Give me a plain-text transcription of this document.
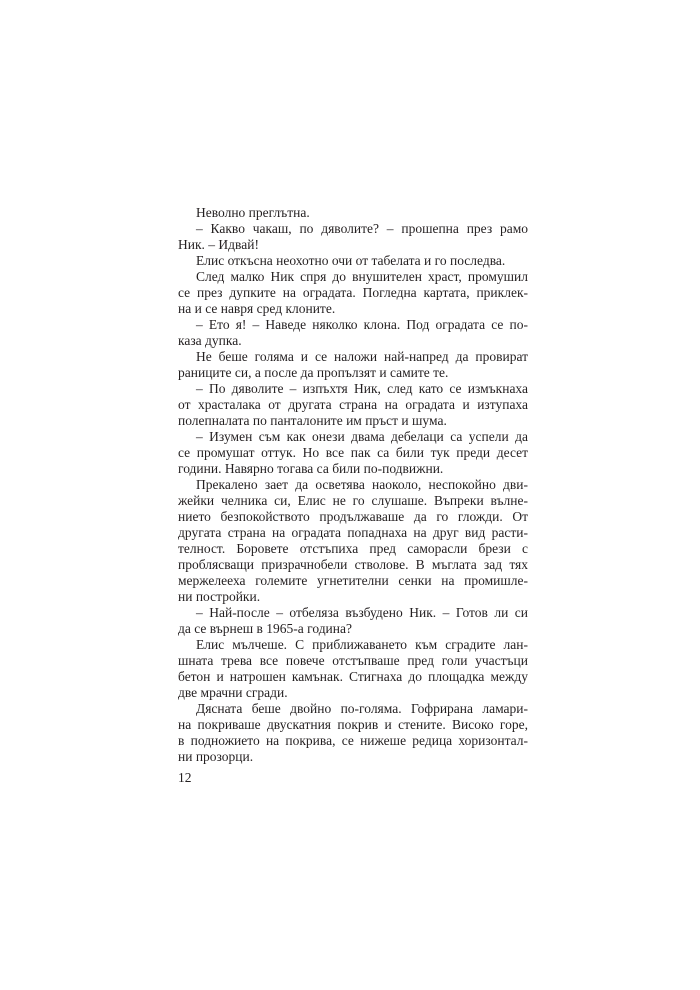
Неволно преглътна.
– Какво чакаш, по дяволите? – прошепна през рамо
Ник. – Идвай!
Елис откъсна неохотно очи от табелата и го последва.
След малко Ник спря до внушителен храст, промушил
се през дупките на оградата. Погледна картата, приклек-
на и се навря сред клоните.
– Ето я! – Наведе няколко клона. Под оградата се по-
каза дупка.
Не беше голяма и се наложи най-напред да провират
раниците си, а после да пропълзят и самите те.
– По дяволите – изпъхтя Ник, след като се измъкнаха
от храсталака от другата страна на оградата и изтупаха
полепналата по панталоните им пръст и шума.
– Изумен съм как онези двама дебелаци са успели да
се промушат оттук. Но все пак са били тук преди десет
години. Навярно тогава са били по-подвижни.
Прекалено зает да осветява наоколо, неспокойно дви-
жейки челника си, Елис не го слушаше. Въпреки вълне-
нието безпокойството продължаваше да го гложди. От
другата страна на оградата попаднаха на друг вид расти-
телност. Боровете отстъпиха пред саморасли брези с
проблясващи призрачнобели стволове. В мъглата зад тях
мержелееха големите угнетителни сенки на промишле-
ни постройки.
– Най-после – отбеляза възбудено Ник. – Готов ли си
да се върнеш в 1965-а година?
Елис мълчеше. С приближаването към сградите лан-
шната трева все повече отстъпваше пред голи участъци
бетон и натрошен камънак. Стигнаха до площадка между
две мрачни сгради.
Дясната беше двойно по-голяма. Гофрирана ламари-
на покриваше двускатния покрив и стените. Високо горе,
в подножието на покрива, се нижеше редица хоризонтал-
ни прозорци.
12
